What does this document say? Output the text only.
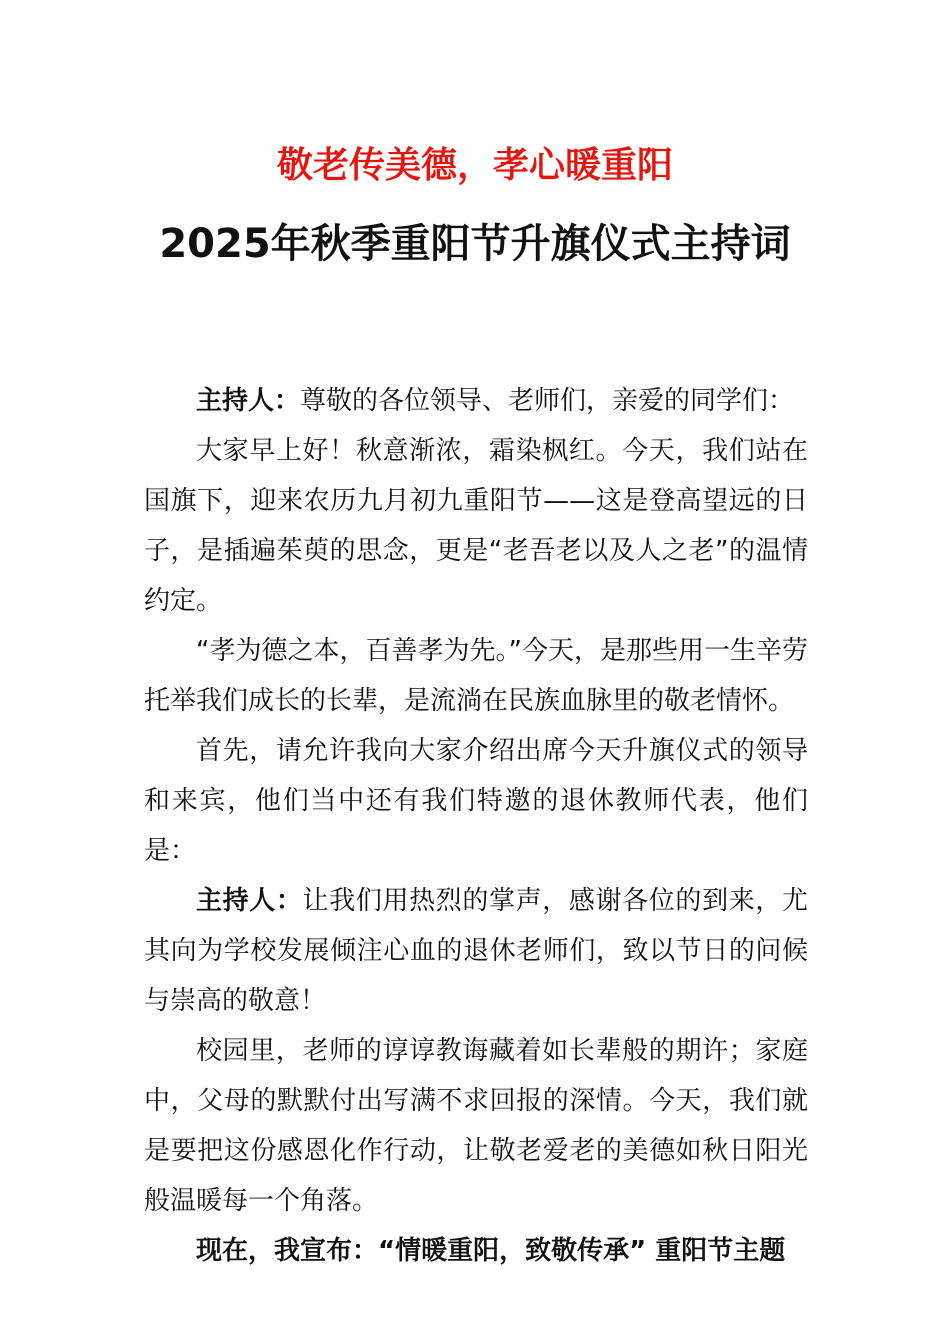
敬老传美德，孝心暖重阳
2025年秋季重阳节升旗仪式主持词

主持人：尊敬的各位领导、老师们，亲爱的同学们：

大家早上好！秋意渐浓，霜染枫红。今天，我们站在国旗下，迎来农历九月初九重阳节——这是登高望远的日子，是插遍茱萸的思念，更是“老吾老以及人之老”的温情约定。

“孝为德之本，百善孝为先。”今天，是那些用一生辛劳托举我们成长的长辈，是流淌在民族血脉里的敬老情怀。

首先，请允许我向大家介绍出席今天升旗仪式的领导和来宾，他们当中还有我们特邀的退休教师代表，他们是：

主持人：让我们用热烈的掌声，感谢各位的到来，尤其向为学校发展倾注心血的退休老师们，致以节日的问候与崇高的敬意！

校园里，老师的谆谆教诲藏着如长辈般的期许；家庭中，父母的默默付出写满不求回报的深情。今天，我们就是要把这份感恩化作行动，让敬老爱老的美德如秋日阳光般温暖每一个角落。

现在，我宣布：“情暖重阳，致敬传承” 重阳节主题
